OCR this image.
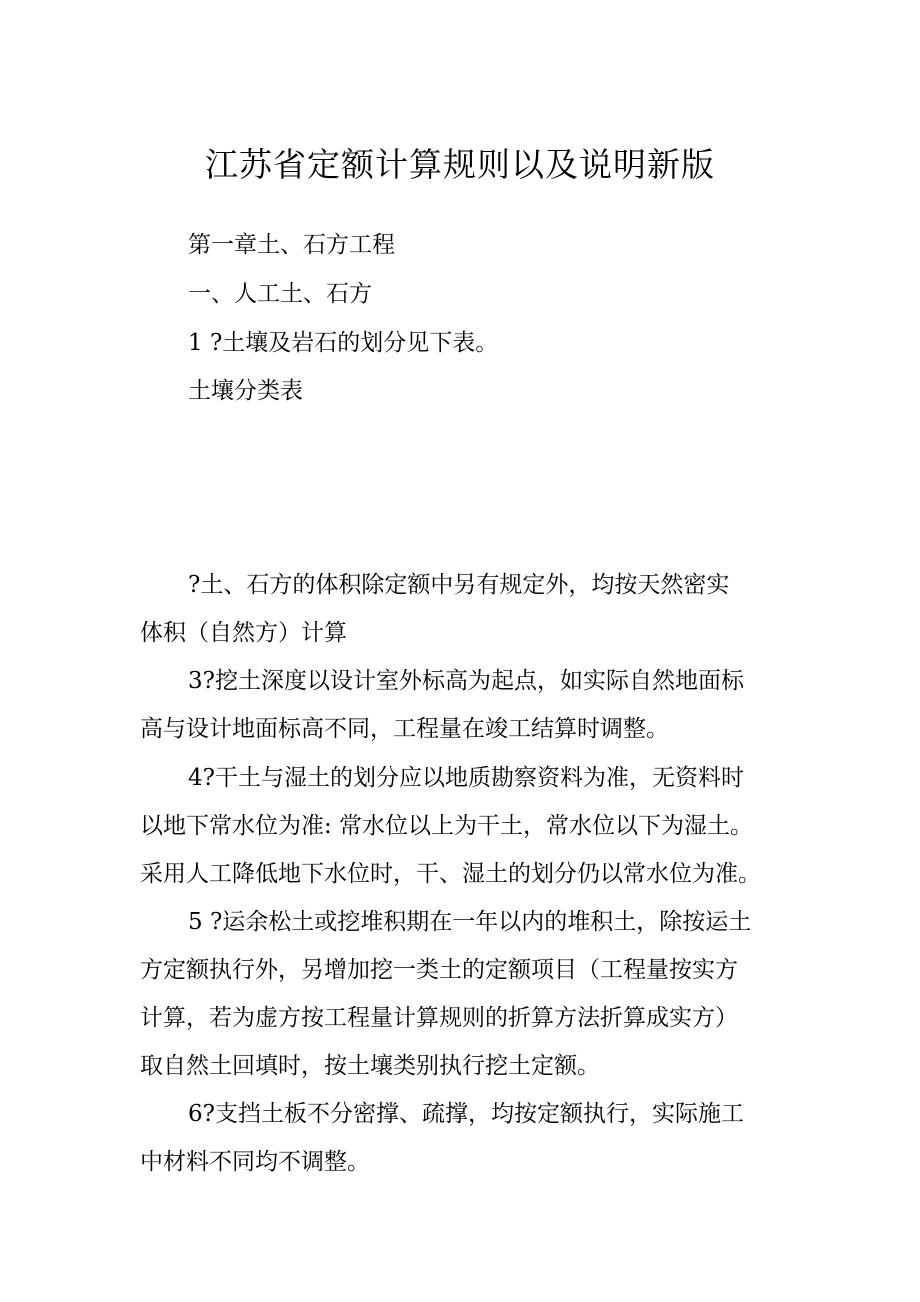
江苏省定额计算规则以及说明新版

第一章土、石方工程

一、人工土、石方

1 ?土壤及岩石的划分见下表。

土壤分类表

?土、石方的体积除定额中另有规定外，均按天然密实

体积（自然方）计算

3?挖土深度以设计室外标高为起点，如实际自然地面标

高与设计地面标高不同，工程量在竣工结算时调整。

4?干土与湿土的划分应以地质勘察资料为准，无资料时

以地下常水位为准: 常水位以上为干土，常水位以下为湿土。

采用人工降低地下水位时，干、湿土的划分仍以常水位为准。

5 ?运余松土或挖堆积期在一年以内的堆积土，除按运土

方定额执行外，另增加挖一类土的定额项目（工程量按实方

计算，若为虚方按工程量计算规则的折算方法折算成实方）

取自然土回填时，按土壤类别执行挖土定额。

6?支挡土板不分密撑、疏撑，均按定额执行，实际施工

中材料不同均不调整。
